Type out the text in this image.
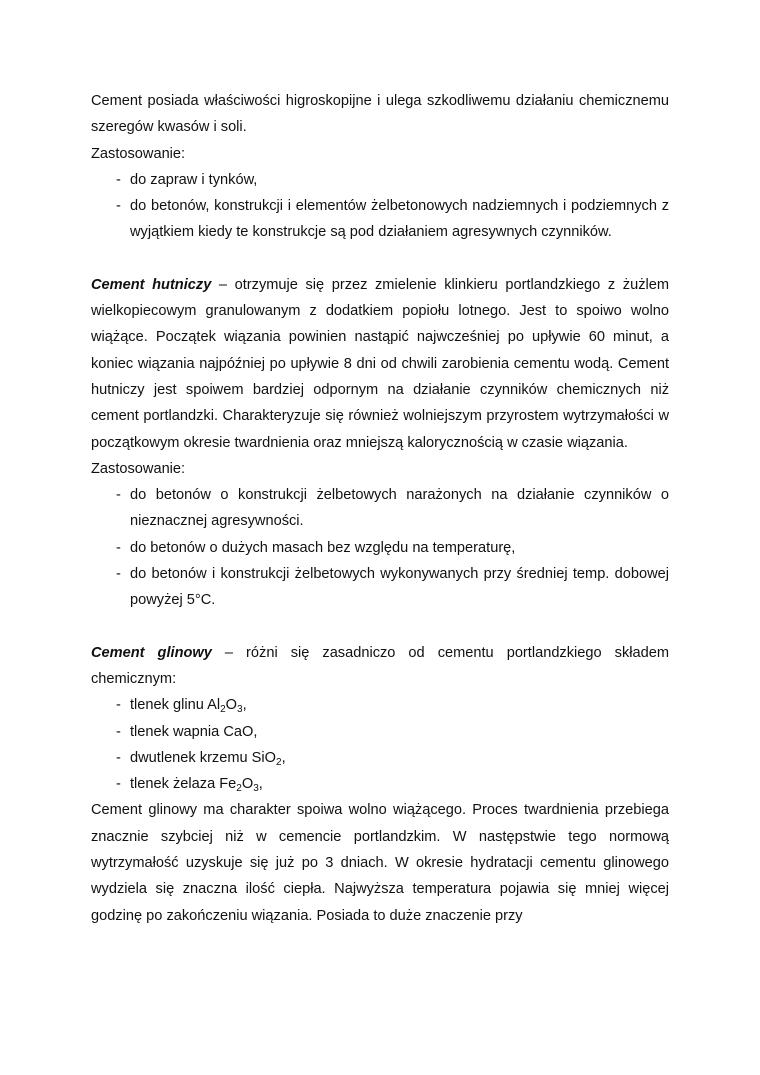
Cement posiada właściwości higroskopijne i ulega szkodliwemu działaniu chemicznemu szeregów kwasów i soli.

Zastosowanie:

- do zapraw i tynków,
- do betonów, konstrukcji i elementów żelbetonowych nadziemnych i podziemnych z wyjątkiem kiedy te konstrukcje są pod działaniem agresywnych czynników.

Cement hutniczy – otrzymuje się przez zmielenie klinkieru portlandzkiego z żużlem wielkopiecowym granulowanym z dodatkiem popiołu lotnego. Jest to spoiwo wolno wiążące. Początek wiązania powinien nastąpić najwcześniej po upływie 60 minut, a koniec wiązania najpóźniej po upływie 8 dni od chwili zarobienia cementu wodą. Cement hutniczy jest spoiwem bardziej odpornym na działanie czynników chemicznych niż cement portlandzki. Charakteryzuje się również wolniejszym przyrostem wytrzymałości w początkowym okresie twardnienia oraz mniejszą kalorycznością w czasie wiązania.

Zastosowanie:

- do betonów o konstrukcji żelbetowych narażonych na działanie czynników o nieznacznej agresywności.
- do betonów o dużych masach bez względu na temperaturę,
- do betonów i konstrukcji żelbetowych wykonywanych przy średniej temp. dobowej powyżej 5°C.

Cement glinowy – różni się zasadniczo od cementu portlandzkiego składem chemicznym:

- tlenek glinu $Al_2O_3$,
- tlenek wapnia CaO,
- dwutlenek krzemu SiO$_2$,
- tlenek żelaza $Fe_2O_3$,

Cement glinowy ma charakter spoiwa wolno wiążącego. Proces twardnienia przebiega znacznie szybciej niż w cemencie portlandzkim. W następstwie tego normową wytrzymałość uzyskuje się już po 3 dniach. W okresie hydratacji cementu glinowego wydziela się znaczna ilość ciepła. Najwyższa temperatura pojawia się mniej więcej godzinę po zakończeniu wiązania. Posiada to duże znaczenie przy
